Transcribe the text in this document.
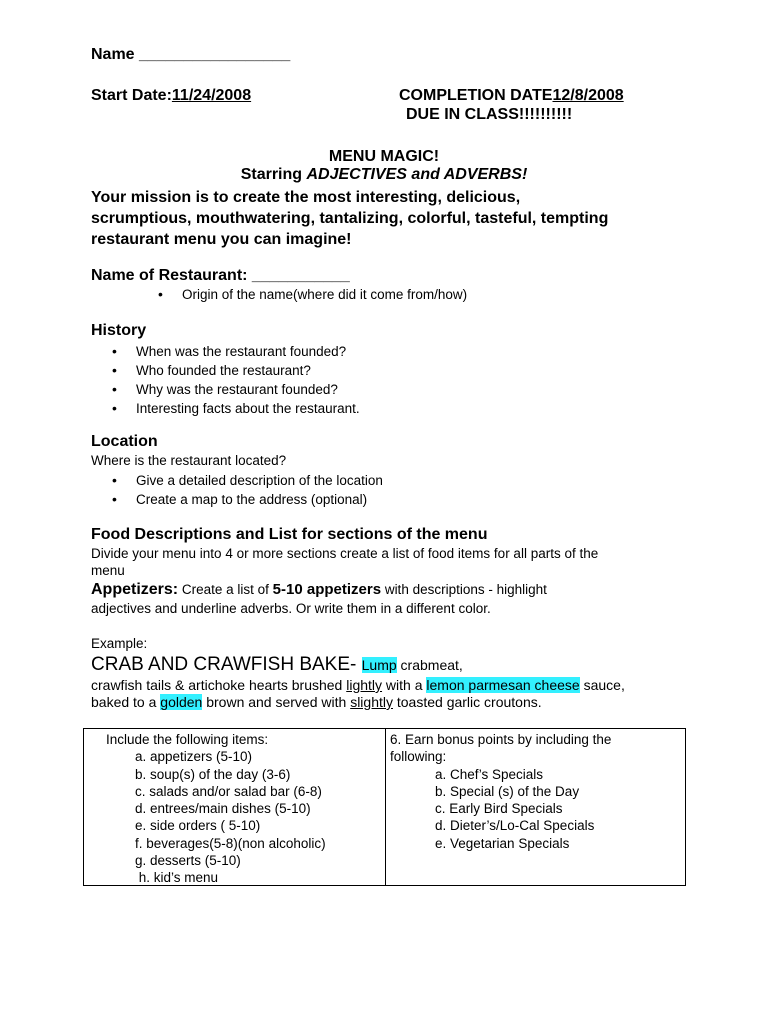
Name _________________
Start Date:11/24/2008	COMPLETION DATE12/8/2008
DUE IN CLASS!!!!!!!!!!
MENU MAGIC!
Starring ADJECTIVES and ADVERBS!
Your mission is to create the most interesting, delicious,
scrumptious, mouthwatering, tantalizing, colorful, tasteful, tempting
restaurant menu you can imagine!
Name of Restaurant: ___________
• Origin of the name(where did it come from/how)
History
• When was the restaurant founded?
• Who founded the restaurant?
• Why was the restaurant founded?
• Interesting facts about the restaurant.
Location
Where is the restaurant located?
• Give a detailed description of the location
• Create a map to the address (optional)
Food Descriptions and List for sections of the menu
Divide your menu into 4 or more sections create a list of food items for all parts of the
menu
Appetizers: Create a list of 5-10 appetizers with descriptions - highlight
adjectives and underline adverbs. Or write them in a different color.
Example:
CRAB AND CRAWFISH BAKE- Lump crabmeat,
crawfish tails & artichoke hearts brushed lightly with a lemon parmesan cheese sauce,
baked to a golden brown and served with slightly toasted garlic croutons.
Include the following items:
a. appetizers (5-10)
b. soup(s) of the day (3-6)
c. salads and/or salad bar (6-8)
d. entrees/main dishes (5-10)
e. side orders ( 5-10)
f. beverages(5-8)(non alcoholic)
g. desserts (5-10)
h. kid’s menu
6. Earn bonus points by including the
following:
a. Chef’s Specials
b. Special (s) of the Day
c. Early Bird Specials
d. Dieter’s/Lo-Cal Specials
e. Vegetarian Specials
